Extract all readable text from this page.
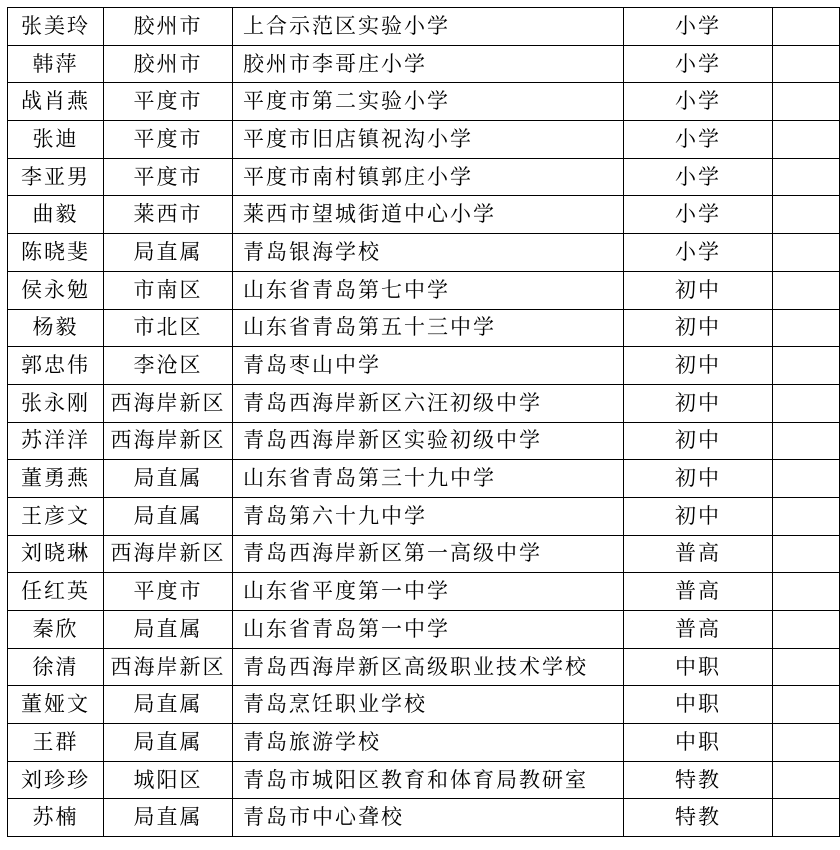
张美玲	胶州市	上合示范区实验小学	小学	
韩萍	胶州市	胶州市李哥庄小学	小学	
战肖燕	平度市	平度市第二实验小学	小学	
张迪	平度市	平度市旧店镇祝沟小学	小学	
李亚男	平度市	平度市南村镇郭庄小学	小学	
曲毅	莱西市	莱西市望城街道中心小学	小学	
陈晓斐	局直属	青岛银海学校	小学	
侯永勉	市南区	山东省青岛第七中学	初中	
杨毅	市北区	山东省青岛第五十三中学	初中	
郭忠伟	李沧区	青岛枣山中学	初中	
张永刚	西海岸新区	青岛西海岸新区六汪初级中学	初中	
苏洋洋	西海岸新区	青岛西海岸新区实验初级中学	初中	
董勇燕	局直属	山东省青岛第三十九中学	初中	
王彦文	局直属	青岛第六十九中学	初中	
刘晓琳	西海岸新区	青岛西海岸新区第一高级中学	普高	
任红英	平度市	山东省平度第一中学	普高	
秦欣	局直属	山东省青岛第一中学	普高	
徐清	西海岸新区	青岛西海岸新区高级职业技术学校	中职	
董娅文	局直属	青岛烹饪职业学校	中职	
王群	局直属	青岛旅游学校	中职	
刘珍珍	城阳区	青岛市城阳区教育和体育局教研室	特教	
苏楠	局直属	青岛市中心聋校	特教	
